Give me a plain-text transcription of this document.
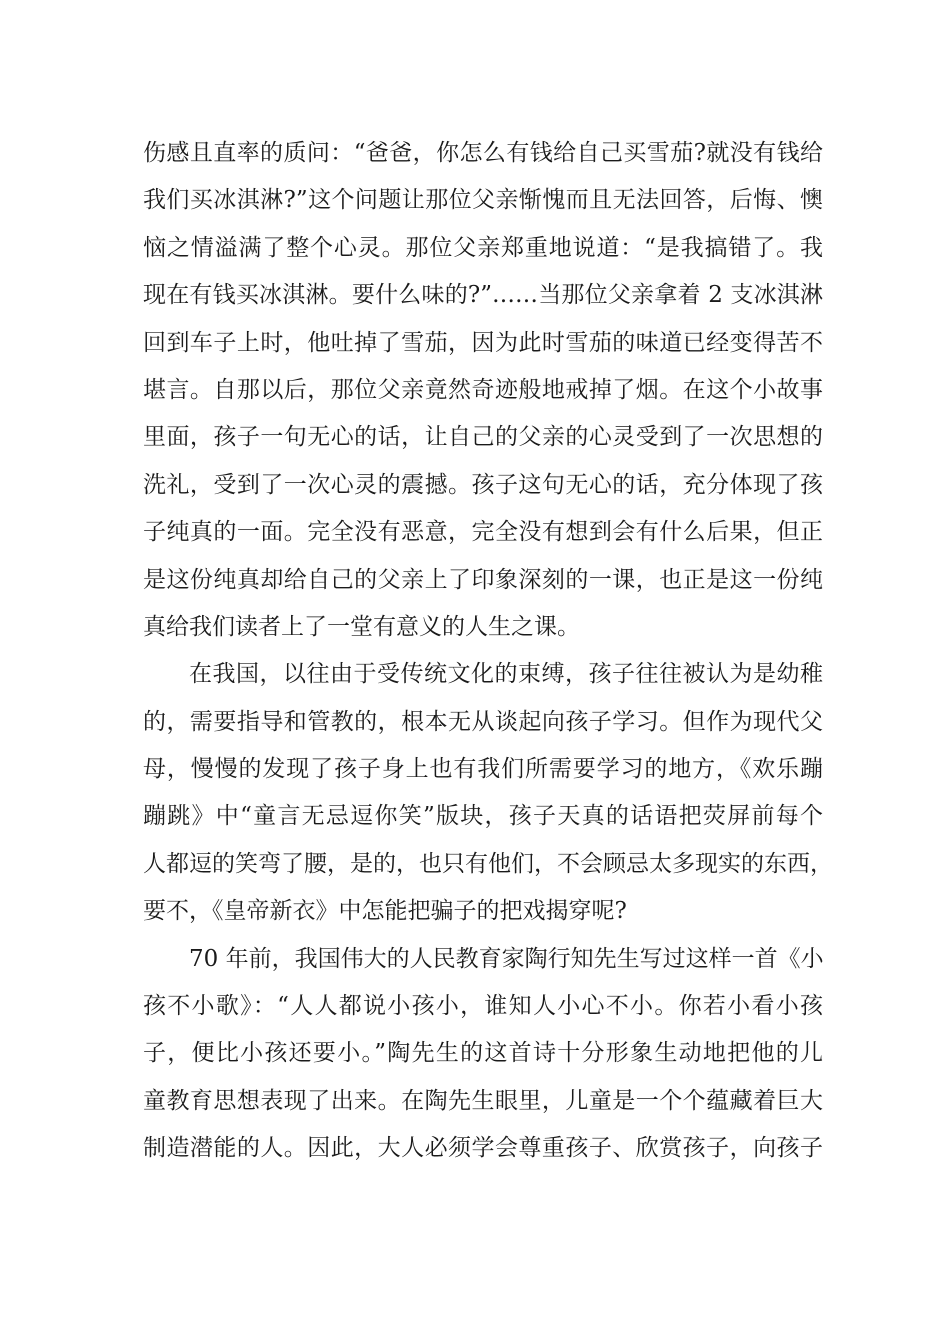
伤感且直率的质问：“爸爸，你怎么有钱给自己买雪茄?就没有钱给
我们买冰淇淋?”这个问题让那位父亲惭愧而且无法回答，后悔、懊
恼之情溢满了整个心灵。那位父亲郑重地说道：“是我搞错了。我
现在有钱买冰淇淋。要什么味的?”……当那位父亲拿着 2 支冰淇淋
回到车子上时，他吐掉了雪茄，因为此时雪茄的味道已经变得苦不
堪言。自那以后，那位父亲竟然奇迹般地戒掉了烟。在这个小故事
里面，孩子一句无心的话，让自己的父亲的心灵受到了一次思想的
洗礼，受到了一次心灵的震撼。孩子这句无心的话，充分体现了孩
子纯真的一面。完全没有恶意，完全没有想到会有什么后果，但正
是这份纯真却给自己的父亲上了印象深刻的一课，也正是这一份纯
真给我们读者上了一堂有意义的人生之课。
在我国，以往由于受传统文化的束缚，孩子往往被认为是幼稚
的，需要指导和管教的，根本无从谈起向孩子学习。但作为现代父
母，慢慢的发现了孩子身上也有我们所需要学习的地方，《欢乐蹦
蹦跳》中“童言无忌逗你笑”版块，孩子天真的话语把荧屏前每个
人都逗的笑弯了腰，是的，也只有他们，不会顾忌太多现实的东西，
要不，《皇帝新衣》中怎能把骗子的把戏揭穿呢?
70 年前，我国伟大的人民教育家陶行知先生写过这样一首《小
孩不小歌》：“人人都说小孩小，谁知人小心不小。你若小看小孩
子，便比小孩还要小。”陶先生的这首诗十分形象生动地把他的儿
童教育思想表现了出来。在陶先生眼里，儿童是一个个蕴藏着巨大
制造潜能的人。因此，大人必须学会尊重孩子、欣赏孩子，向孩子
